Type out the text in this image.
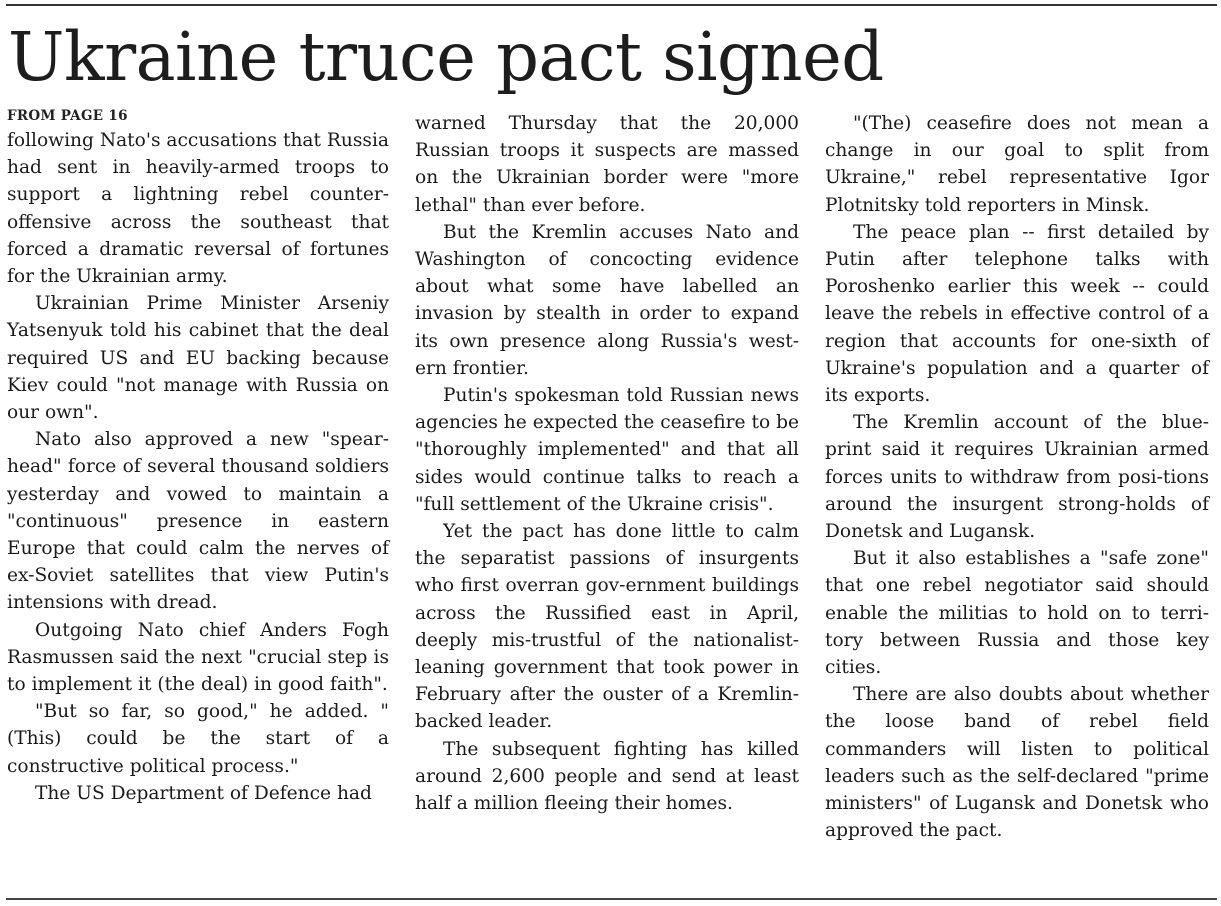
Ukraine truce pact signed
FROM PAGE 16

following Nato's accusations that Russia had sent in heavily-armed troops to support a lightning rebel counter-offensive across the southeast that forced a dramatic reversal of fortunes for the Ukrainian army.

Ukrainian Prime Minister Arseniy Yatsenyuk told his cabinet that the deal required US and EU backing because Kiev could "not manage with Russia on our own".

Nato also approved a new "spear-head" force of several thousand soldiers yesterday and vowed to maintain a "continuous" presence in eastern Europe that could calm the nerves of ex-Soviet satellites that view Putin's intensions with dread.

Outgoing Nato chief Anders Fogh Rasmussen said the next "crucial step is to implement it (the deal) in good faith".

"But so far, so good," he added. "(This) could be the start of a constructive political process."

The US Department of Defence had

warned Thursday that the 20,000 Russian troops it suspects are massed on the Ukrainian border were "more lethal" than ever before.

But the Kremlin accuses Nato and Washington of concocting evidence about what some have labelled an invasion by stealth in order to expand its own presence along Russia's west-ern frontier.

Putin's spokesman told Russian news agencies he expected the ceasefire to be "thoroughly implemented" and that all sides would continue talks to reach a "full settlement of the Ukraine crisis".

Yet the pact has done little to calm the separatist passions of insurgents who first overran gov-ernment buildings across the Russified east in April, deeply mis-trustful of the nationalist-leaning government that took power in February after the ouster of a Kremlin-backed leader.

The subsequent fighting has killed around 2,600 people and send at least half a million fleeing their homes.

"(The) ceasefire does not mean a change in our goal to split from Ukraine," rebel representative Igor Plotnitsky told reporters in Minsk.

The peace plan -- first detailed by Putin after telephone talks with Poroshenko earlier this week -- could leave the rebels in effective control of a region that accounts for one-sixth of Ukraine's population and a quarter of its exports.

The Kremlin account of the blue-print said it requires Ukrainian armed forces units to withdraw from posi-tions around the insurgent strong-holds of Donetsk and Lugansk.

But it also establishes a "safe zone" that one rebel negotiator said should enable the militias to hold on to terri-tory between Russia and those key cities.

There are also doubts about whether the loose band of rebel field commanders will listen to political leaders such as the self-declared "prime ministers" of Lugansk and Donetsk who approved the pact.
